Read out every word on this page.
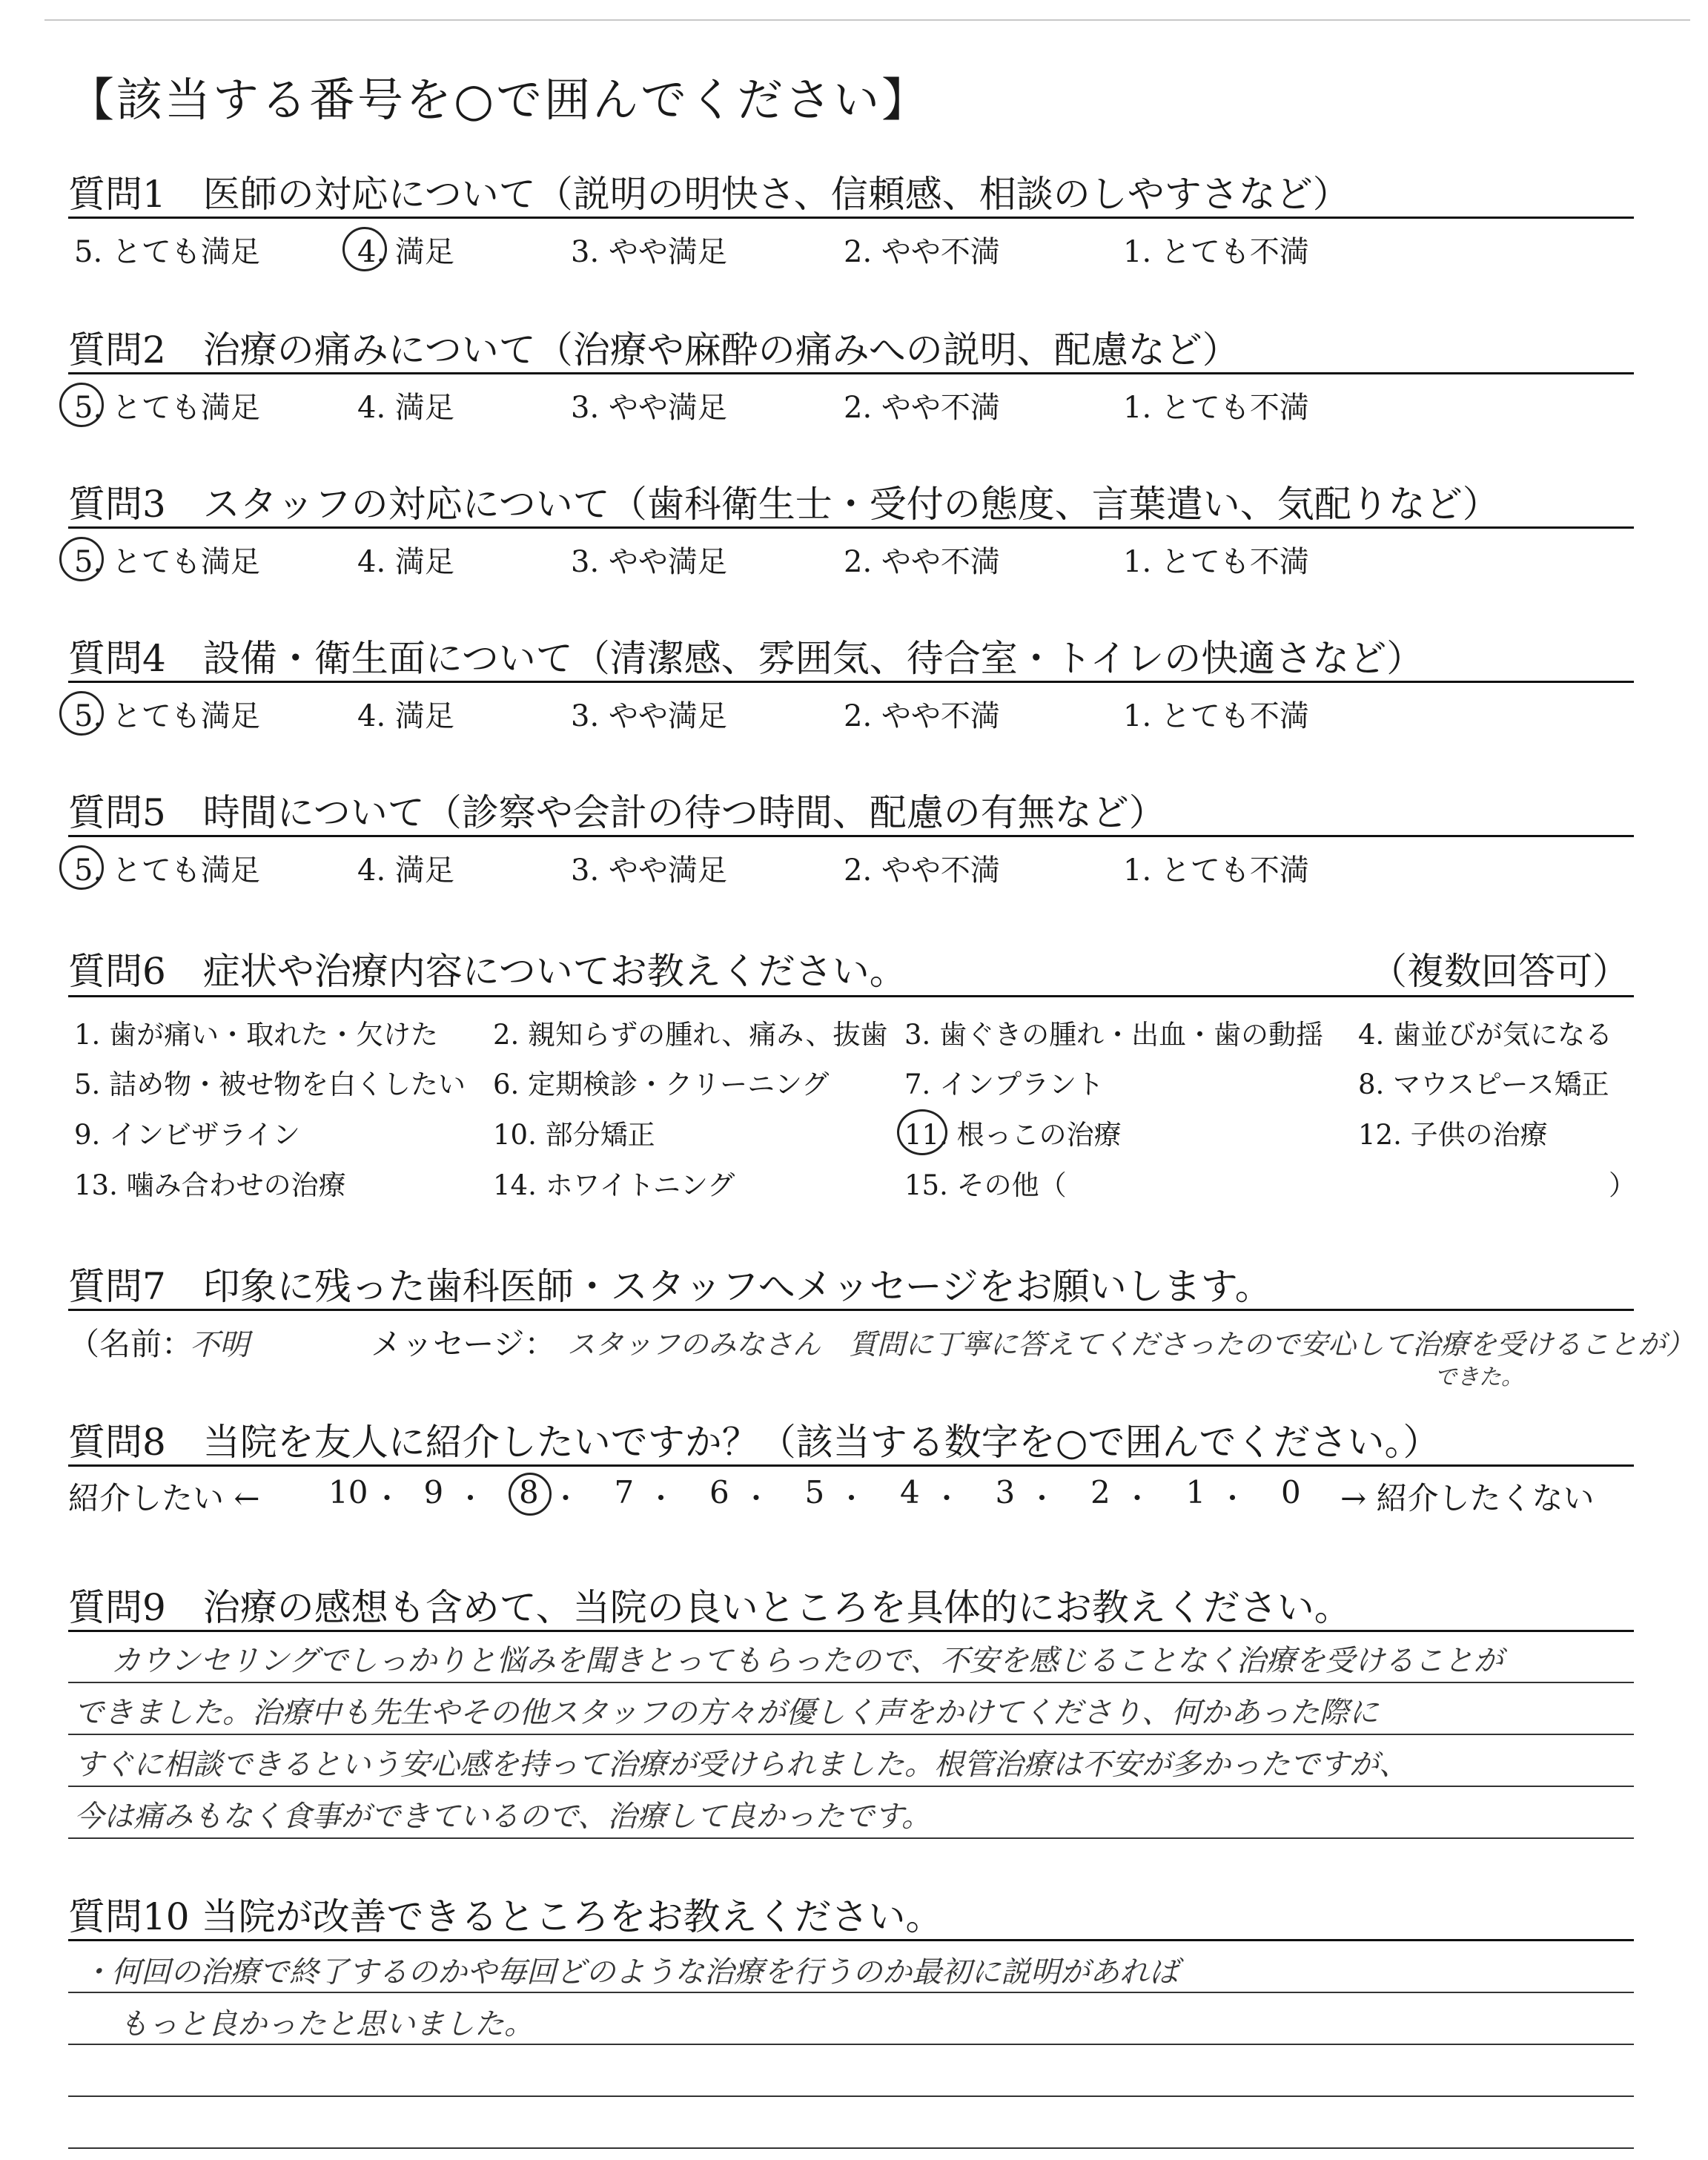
【該当する番号を○で囲んでください】
質問1　医師の対応について（説明の明快さ、信頼感、相談のしやすさなど）
5. とても満足	4. 満足	3. やや満足	2. やや不満	1. とても不満
質問2　治療の痛みについて（治療や麻酔の痛みへの説明、配慮など）
5. とても満足	4. 満足	3. やや満足	2. やや不満	1. とても不満
質問3　スタッフの対応について（歯科衛生士・受付の態度、言葉遣い、気配りなど）
5. とても満足	4. 満足	3. やや満足	2. やや不満	1. とても不満
質問4　設備・衛生面について（清潔感、雰囲気、待合室・トイレの快適さなど）
5. とても満足	4. 満足	3. やや満足	2. やや不満	1. とても不満
質問5　時間について（診察や会計の待つ時間、配慮の有無など）
5. とても満足	4. 満足	3. やや満足	2. やや不満	1. とても不満
質問6　症状や治療内容についてお教えください。	（複数回答可）
1. 歯が痛い・取れた・欠けた 2. 親知らずの腫れ、痛み、抜歯 3. 歯ぐきの腫れ・出血・歯の動揺 4. 歯並びが気になる
5. 詰め物・被せ物を白くしたい 6. 定期検診・クリーニング	7. インプラント	8. マウスピース矯正
9. インビザライン	10. 部分矯正	11. 根っこの治療	12. 子供の治療
13. 噛み合わせの治療	14. ホワイトニング	15. その他（	）
質問7　印象に残った歯科医師・スタッフへメッセージをお願いします。
（名前：
不明	メッセージ： スタッフのみなさん　質問に丁寧に答えてくださったので安心して治療を受けることが）
できた。
質問8　当院を友人に紹介したいですか？（該当する数字を○で囲んでください。）
紹介したい ←	→ 紹介したくない
10 ・ 9 ・ 8 ・ 7 ・ 6 ・ 5 ・ 4 ・ 3 ・ 2 ・ 1 ・ 0
質問9　治療の感想も含めて、当院の良いところを具体的にお教えください。
カウンセリングでしっかりと悩みを聞きとってもらったので、不安を感じることなく治療を受けることが
できました。治療中も先生やその他スタッフの方々が優しく声をかけてくださり、何かあった際に
すぐに相談できるという安心感を持って治療が受けられました。根管治療は不安が多かったですが、
今は痛みもなく食事ができているので、治療して良かったです。
質問10 当院が改善できるところをお教えください。
・何回の治療で終了するのかや毎回どのような治療を行うのか最初に説明があれば
もっと良かったと思いました。
